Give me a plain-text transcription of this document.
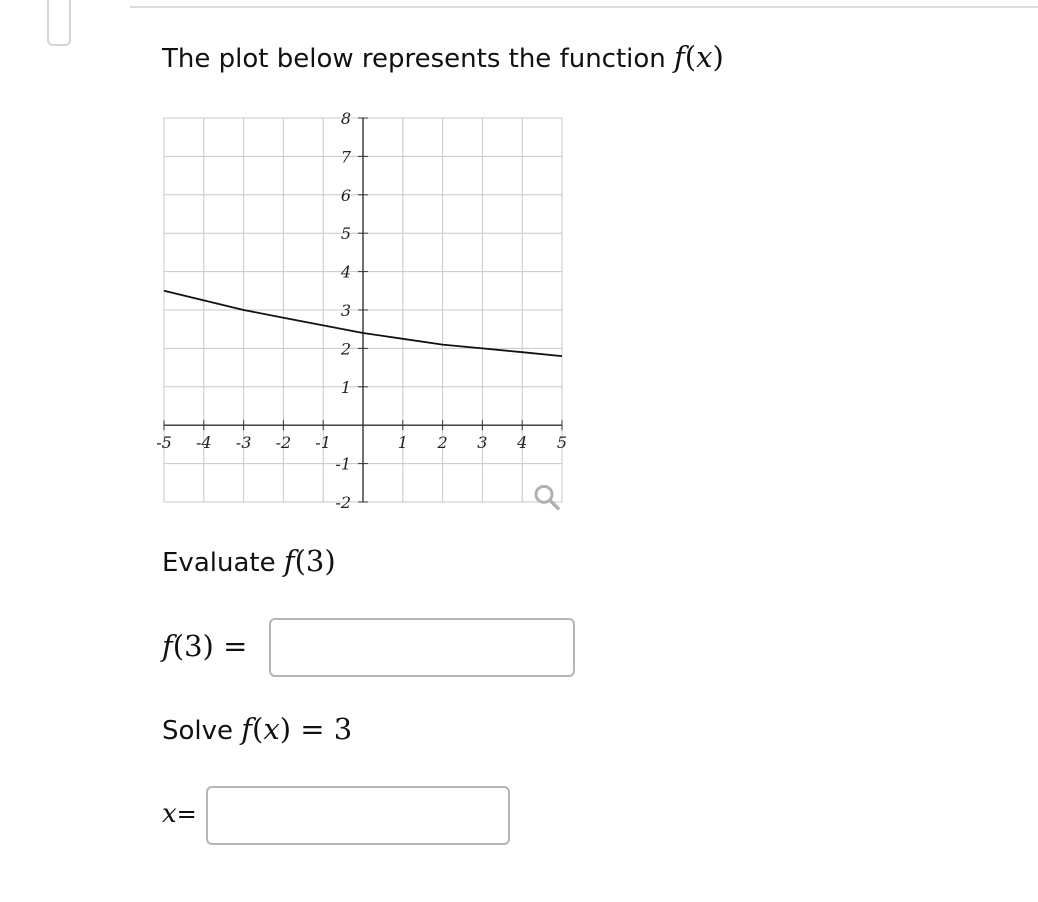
The plot below represents the function f(x)
-5 -4 -3 -2 -1	1 2 3 4 5
-2
-1
1
2
3
4
5
6
7
8
Evaluate f(3)
f(3) =
Solve f(x) = 3
x=
